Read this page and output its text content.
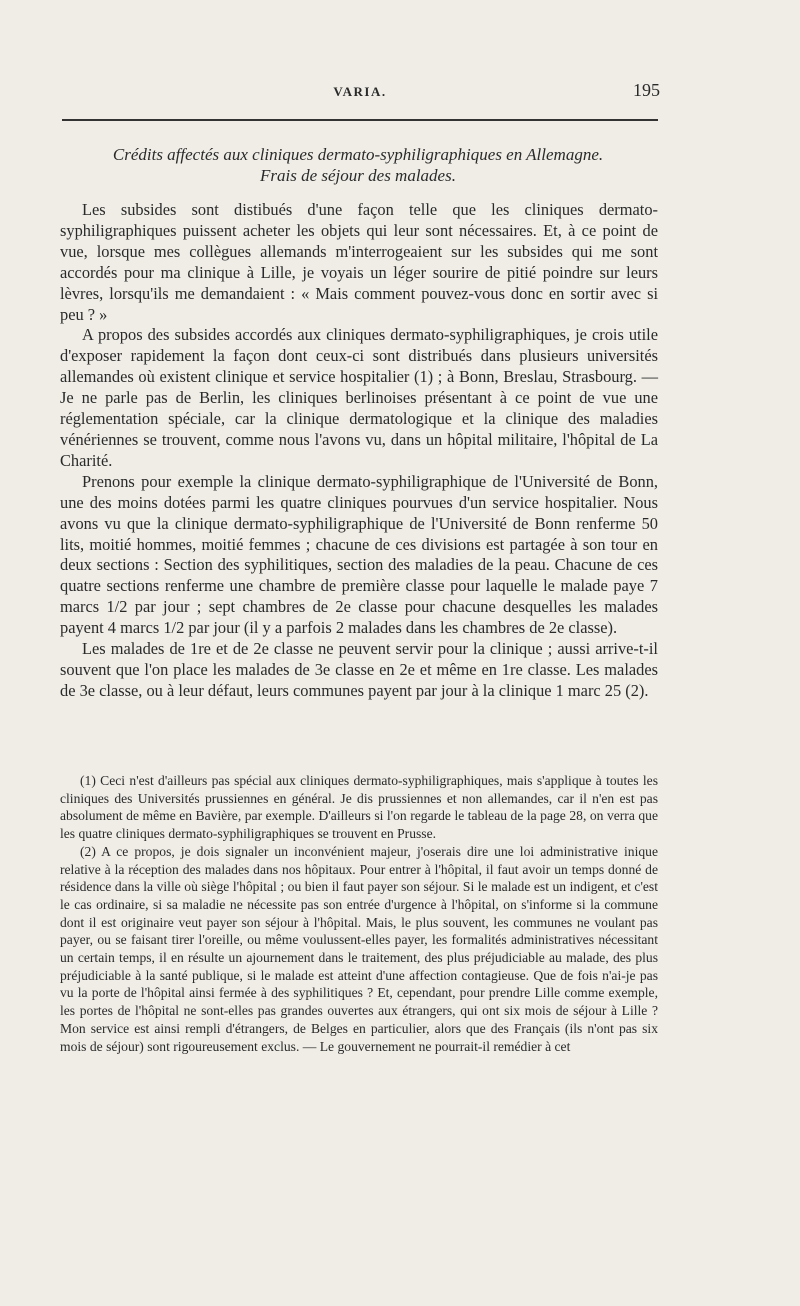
VARIA.	195
Crédits affectés aux cliniques dermato-syphiligraphiques en Allemagne.
Frais de séjour des malades.

Les subsides sont distibués d'une façon telle que les cliniques dermato-syphiligraphiques puissent acheter les objets qui leur sont nécessaires. Et, à ce point de vue, lorsque mes collègues allemands m'interrogeaient sur les subsides qui me sont accordés pour ma clinique à Lille, je voyais un léger sourire de pitié poindre sur leurs lèvres, lorsqu'ils me demandaient : « Mais comment pouvez-vous donc en sortir avec si peu ? »

A propos des subsides accordés aux cliniques dermato-syphiligraphiques, je crois utile d'exposer rapidement la façon dont ceux-ci sont distribués dans plusieurs universités allemandes où existent clinique et service hospitalier (1) ; à Bonn, Breslau, Strasbourg. — Je ne parle pas de Berlin, les cliniques berlinoises présentant à ce point de vue une réglementation spéciale, car la clinique dermatologique et la clinique des maladies vénériennes se trouvent, comme nous l'avons vu, dans un hôpital militaire, l'hôpital de La Charité.

Prenons pour exemple la clinique dermato-syphiligraphique de l'Université de Bonn, une des moins dotées parmi les quatre cliniques pourvues d'un service hospitalier. Nous avons vu que la clinique dermato-syphiligraphique de l'Université de Bonn renferme 50 lits, moitié hommes, moitié femmes ; chacune de ces divisions est partagée à son tour en deux sections : Section des syphilitiques, section des maladies de la peau. Chacune de ces quatre sections renferme une chambre de première classe pour laquelle le malade paye 7 marcs 1/2 par jour ; sept chambres de 2e classe pour chacune desquelles les malades payent 4 marcs 1/2 par jour (il y a parfois 2 malades dans les chambres de 2e classe).

Les malades de 1re et de 2e classe ne peuvent servir pour la clinique ; aussi arrive-t-il souvent que l'on place les malades de 3e classe en 2e et même en 1re classe. Les malades de 3e classe, ou à leur défaut, leurs communes payent par jour à la clinique 1 marc 25 (2).

(1) Ceci n'est d'ailleurs pas spécial aux cliniques dermato-syphiligraphiques, mais s'applique à toutes les cliniques des Universités prussiennes en général. Je dis prussiennes et non allemandes, car il n'en est pas absolument de même en Bavière, par exemple. D'ailleurs si l'on regarde le tableau de la page 28, on verra que les quatre cliniques dermato-syphiligraphiques se trouvent en Prusse.

(2) A ce propos, je dois signaler un inconvénient majeur, j'oserais dire une loi administrative inique relative à la réception des malades dans nos hôpitaux. Pour entrer à l'hôpital, il faut avoir un temps donné de résidence dans la ville où siège l'hôpital ; ou bien il faut payer son séjour. Si le malade est un indigent, et c'est le cas ordinaire, si sa maladie ne nécessite pas son entrée d'urgence à l'hôpital, on s'informe si la commune dont il est originaire veut payer son séjour à l'hôpital. Mais, le plus souvent, les communes ne voulant pas payer, ou se faisant tirer l'oreille, ou même voulussent-elles payer, les formalités administratives nécessitant un certain temps, il en résulte un ajournement dans le traitement, des plus préjudiciable au malade, des plus préjudiciable à la santé publique, si le malade est atteint d'une affection contagieuse. Que de fois n'ai-je pas vu la porte de l'hôpital ainsi fermée à des syphilitiques ? Et, cependant, pour prendre Lille comme exemple, les portes de l'hôpital ne sont-elles pas grandes ouvertes aux étrangers, qui ont six mois de séjour à Lille ? Mon service est ainsi rempli d'étrangers, de Belges en particulier, alors que des Français (ils n'ont pas six mois de séjour) sont rigoureusement exclus. — Le gouvernement ne pourrait-il remédier à cet
